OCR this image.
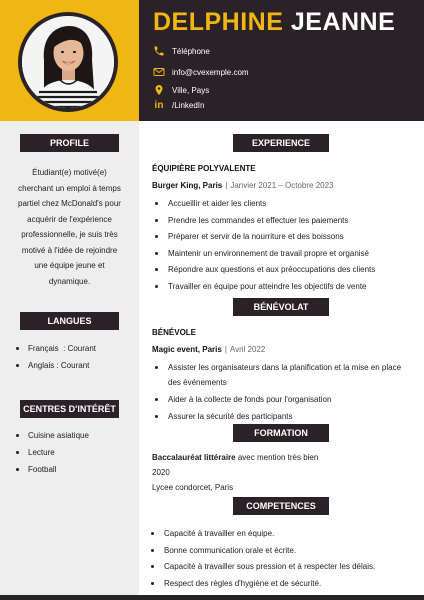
DELPHINE JEANNE
Téléphone
info@cvexemple.com
Ville, Pays
in /LinkedIn
PROFILE

Étudiant(e) motivé(e) cherchant un emploi à temps partiel chez McDonald's pour acquérir de l'expérience professionnelle, je suis très motivé à l'idée de rejoindre une équipe jeune et dynamique.

LANGUES
Français  : Courant
Anglais : Courant
CENTRES D'INTÉRÊT
Cuisine asiatique
Lecture
Football
EXPERIENCE
ÉQUIPIÈRE POLYVALENTE
Burger King, Paris | Janvier 2021 – Octobre 2023
Accueillir et aider les clients
Prendre les commandes et effectuer les paiements
Préparer et servir de la nourriture et des boissons
Maintenir un environnement de travail propre et organisé
Répondre aux questions et aux préoccupations des clients
Travailler en équipe pour atteindre les objectifs de vente
BÉNÉVOLAT
BÉNÉVOLE
Magic event, Paris | Avril 2022
Assister les organisateurs dans la planification et la mise en place des événements
Aider à la collecte de fonds pour l'organisation
Assurer la sécurité des participants
FORMATION
Baccalauréat littéraire avec mention très bien
2020
Lycee condorcet, Paris
COMPETENCES
Capacité à travailler en équipe.
Bonne communication orale et écrite.
Capacité à travailler sous pression et à respecter les délais.
Respect des règles d'hygiène et de sécurité.
